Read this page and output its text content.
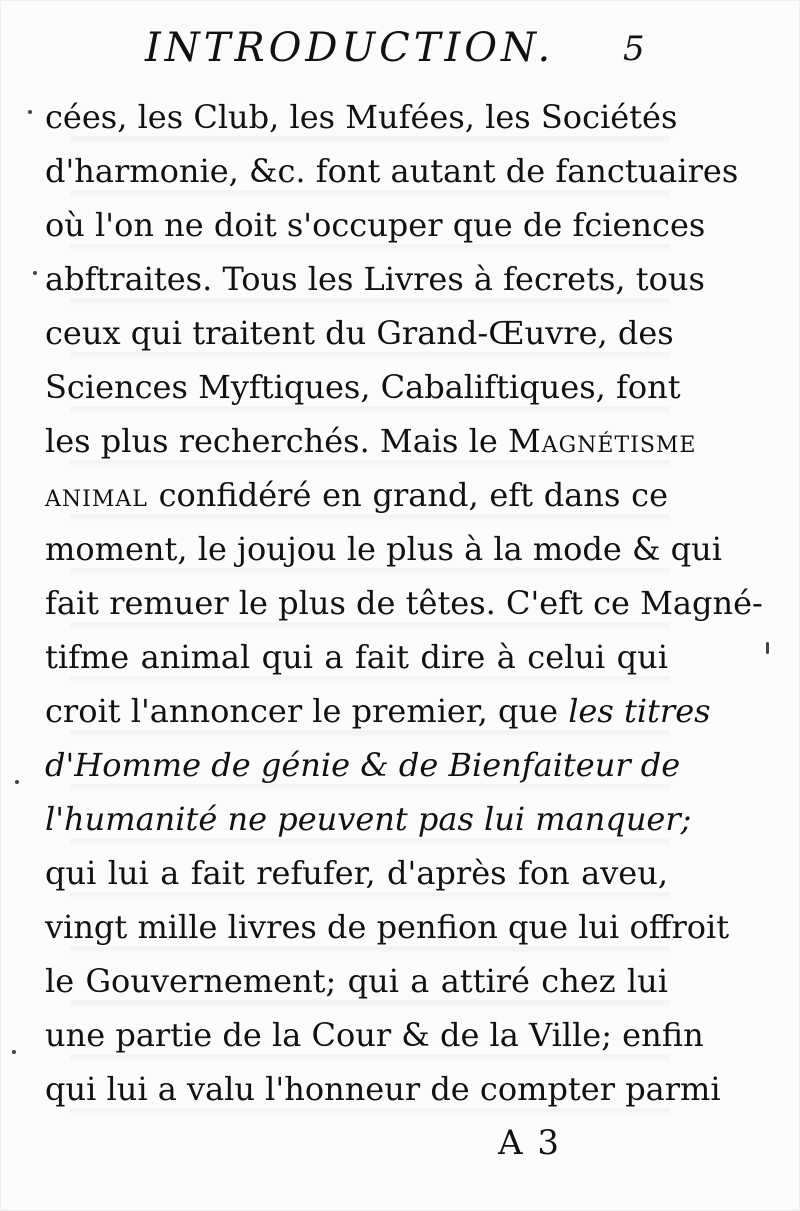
INTRODUCTION. 5
cées, les Club, les Mufées, les Sociétés
d'harmonie, &c. font autant de fanctuaires
où l'on ne doit s'occuper que de fciences
abftraites. Tous les Livres à fecrets, tous
ceux qui traitent du Grand-Œuvre, des
Sciences Myftiques, Cabaliftiques, font
les plus recherchés. Mais le Magnétisme
animal confidéré en grand, eft dans ce
moment, le joujou le plus à la mode & qui
fait remuer le plus de têtes. C'eft ce Magné-
tifme animal qui a fait dire à celui qui
croit l'annoncer le premier, que les titres
d'Homme de génie & de Bienfaiteur de
l'humanité ne peuvent pas lui manquer;
qui lui a fait refufer, d'après fon aveu,
vingt mille livres de penfion que lui offroit
le Gouvernement; qui a attiré chez lui
une partie de la Cour & de la Ville; enfin
qui lui a valu l'honneur de compter parmi
A 3
